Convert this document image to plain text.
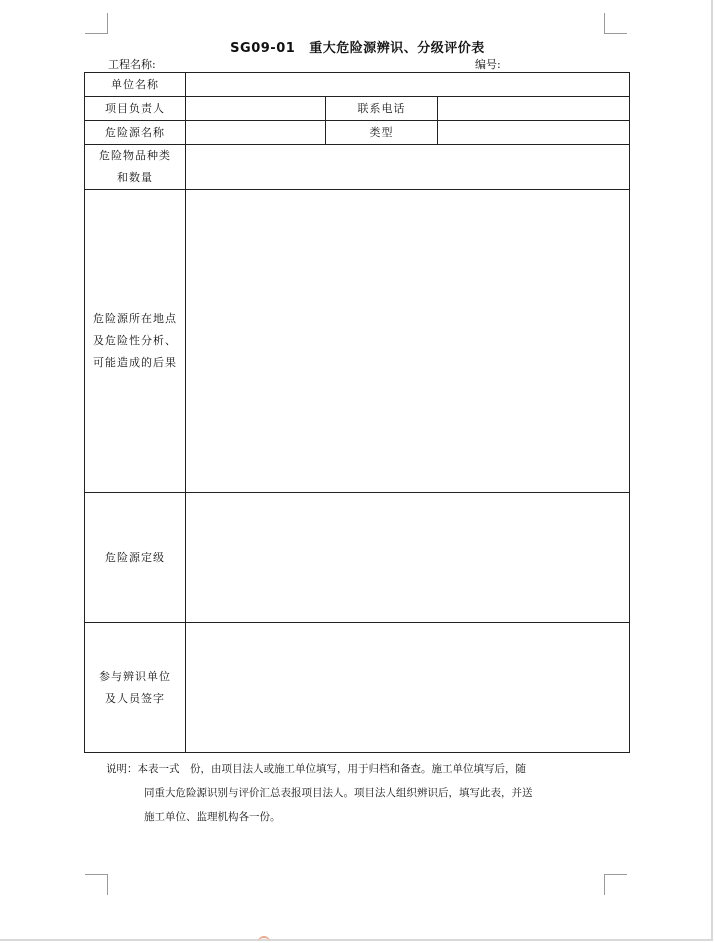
SG09-01 重大危险源辨识、分级评价表
工程名称:	编号:
单位名称			
项目负责人		联系电话	
危险源名称		类型	

危险物品种类
和数量			

危险源所在地点
及危险性分析、
可能造成的后果			

危险源定级			

参与辨识单位
及人员签字			

说明：本表一式　份，由项目法人或施工单位填写，用于归档和备查。施工单位填写后，随
同重大危险源识别与评价汇总表报项目法人。项目法人组织辨识后，填写此表，并送
施工单位、监理机构各一份。
